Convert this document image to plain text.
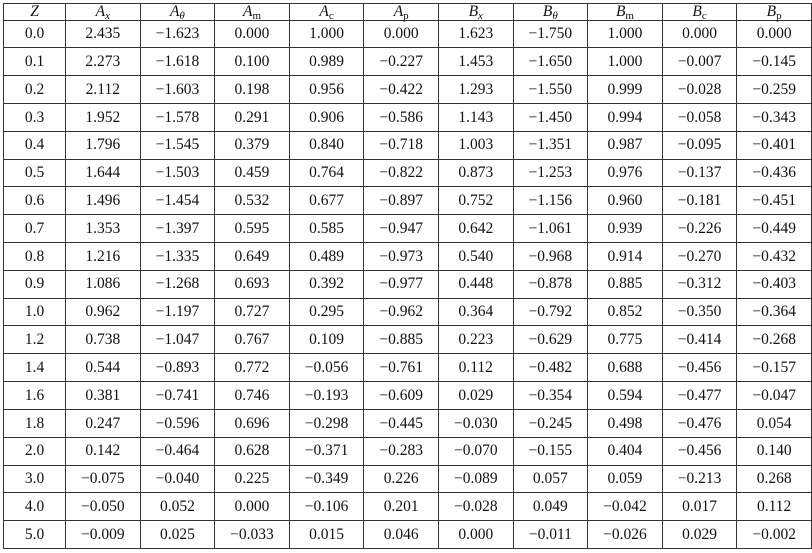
Z	$A_x$	$A_\theta$	$A_m$	$A_c$	$A_p$	$B_x$	$B_\theta$	$B_m$	$B_c$	$B_p$
0.0	2.435	−1.623	0.000	1.000	0.000	1.623	−1.750	1.000	0.000	0.000
0.1	2.273	−1.618	0.100	0.989	−0.227	1.453	−1.650	1.000	−0.007	−0.145
0.2	2.112	−1.603	0.198	0.956	−0.422	1.293	−1.550	0.999	−0.028	−0.259
0.3	1.952	−1.578	0.291	0.906	−0.586	1.143	−1.450	0.994	−0.058	−0.343
0.4	1.796	−1.545	0.379	0.840	−0.718	1.003	−1.351	0.987	−0.095	−0.401
0.5	1.644	−1.503	0.459	0.764	−0.822	0.873	−1.253	0.976	−0.137	−0.436
0.6	1.496	−1.454	0.532	0.677	−0.897	0.752	−1.156	0.960	−0.181	−0.451
0.7	1.353	−1.397	0.595	0.585	−0.947	0.642	−1.061	0.939	−0.226	−0.449
0.8	1.216	−1.335	0.649	0.489	−0.973	0.540	−0.968	0.914	−0.270	−0.432
0.9	1.086	−1.268	0.693	0.392	−0.977	0.448	−0.878	0.885	−0.312	−0.403
1.0	0.962	−1.197	0.727	0.295	−0.962	0.364	−0.792	0.852	−0.350	−0.364
1.2	0.738	−1.047	0.767	0.109	−0.885	0.223	−0.629	0.775	−0.414	−0.268
1.4	0.544	−0.893	0.772	−0.056	−0.761	0.112	−0.482	0.688	−0.456	−0.157
1.6	0.381	−0.741	0.746	−0.193	−0.609	0.029	−0.354	0.594	−0.477	−0.047
1.8	0.247	−0.596	0.696	−0.298	−0.445	−0.030	−0.245	0.498	−0.476	0.054
2.0	0.142	−0.464	0.628	−0.371	−0.283	−0.070	−0.155	0.404	−0.456	0.140
3.0	−0.075	−0.040	0.225	−0.349	0.226	−0.089	0.057	0.059	−0.213	0.268
4.0	−0.050	0.052	0.000	−0.106	0.201	−0.028	0.049	−0.042	0.017	0.112
5.0	−0.009	0.025	−0.033	0.015	0.046	0.000	−0.011	−0.026	0.029	−0.002
